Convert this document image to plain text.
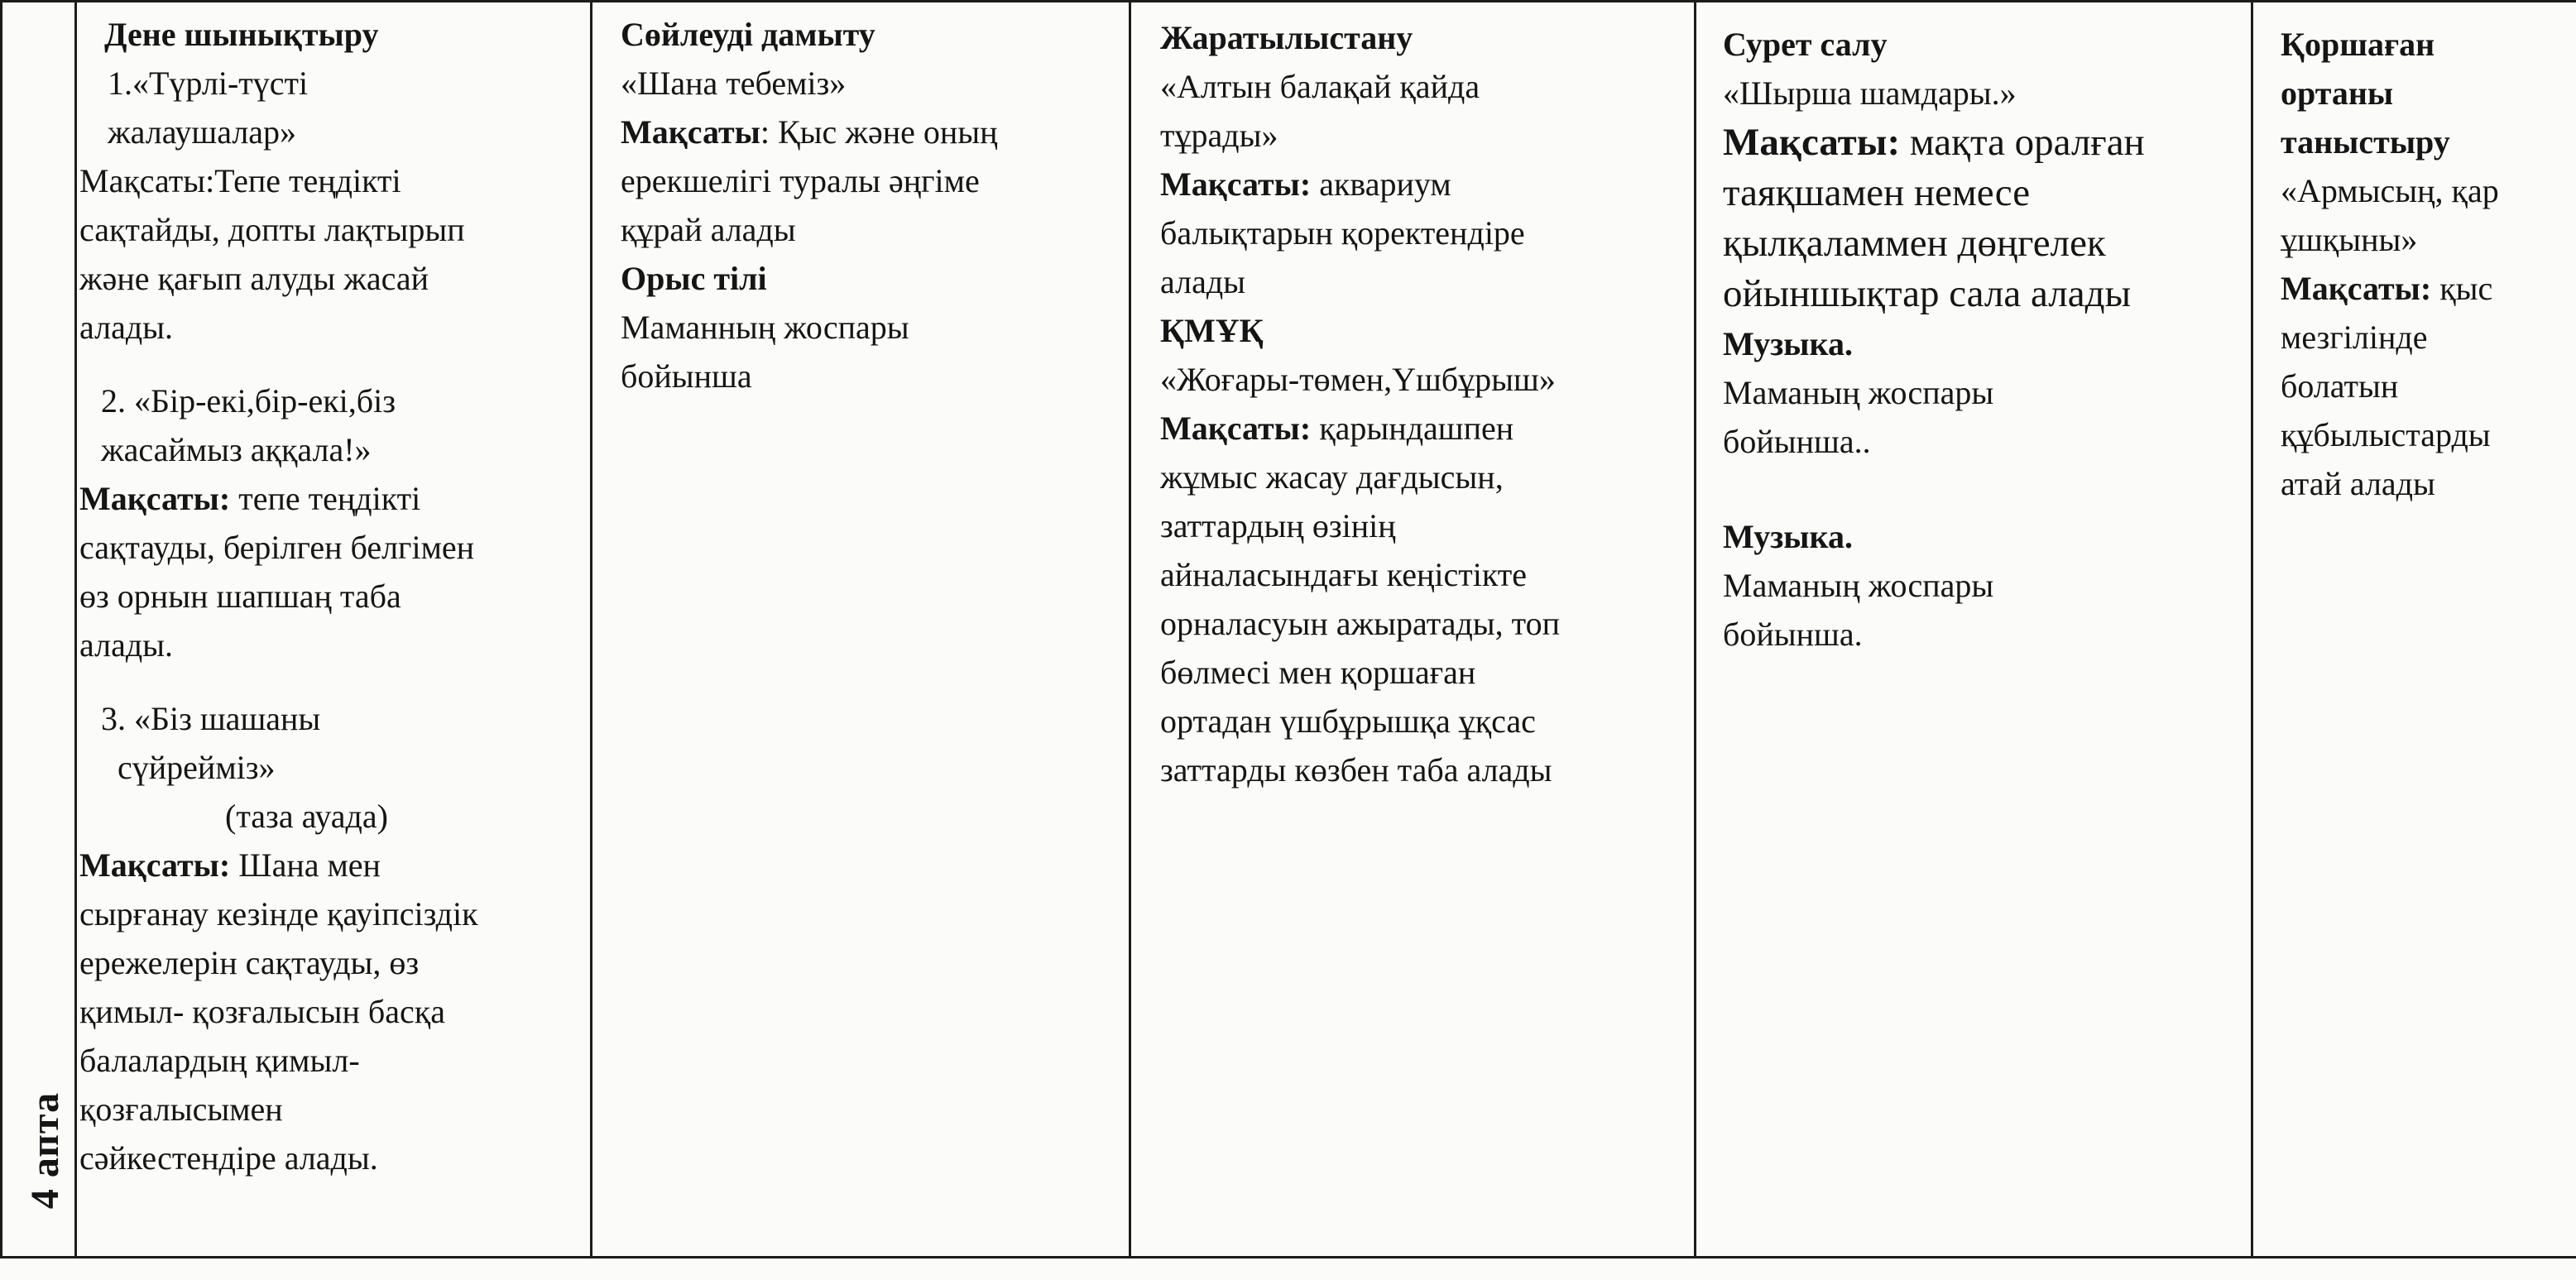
4 апта

Дене шынықтыру

1.«Түрлі-түсті

жалаушалар»

Мақсаты:Тепе теңдікті

сақтайды, допты лақтырып

және қағып алуды жасай

алады.

2. «Бір-екі,бір-екі,біз

жасаймыз аққала!»

Мақсаты: тепе теңдікті

сақтауды, берілген белгімен

өз орнын шапшаң таба

алады.

3. «Біз шашаны

сүйрейміз»

(таза ауада)

Мақсаты: Шана мен

сырғанау кезінде қауіпсіздік

ережелерін сақтауды, өз

қимыл- қозғалысын басқа

балалардың қимыл-

қозғалысымен

сәйкестендіре алады.

Сөйлеуді дамыту

«Шана тебеміз»

Мақсаты: Қыс және оның

ерекшелігі туралы әңгіме

құрай алады

Орыс тілі

Маманның жоспары

бойынша

Жаратылыстану

«Алтын балақай қайда

тұрады»

Мақсаты: аквариум

балықтарын қоректендіре

алады

ҚМҰҚ

«Жоғары-төмен,Үшбұрыш»

Мақсаты: қарындашпен

жұмыс жасау дағдысын,

заттардың өзінің

айналасындағы кеңістікте

орналасуын ажыратады, топ

бөлмесі мен қоршаған

ортадан үшбұрышқа ұқсас

заттарды көзбен таба алады

Сурет салу

«Шырша шамдары.»

Мақсаты: мақта оралған

таяқшамен немесе

қылқаламмен дөңгелек

ойыншықтар сала алады

Музыка.

Маманың жоспары

бойынша..

Музыка.

Маманың жоспары

бойынша.

Қоршаған

ортаны

таныстыру

«Армысың, қар

ұшқыны»

Мақсаты: қыс

мезгілінде

болатын

құбылыстарды

атай алады
